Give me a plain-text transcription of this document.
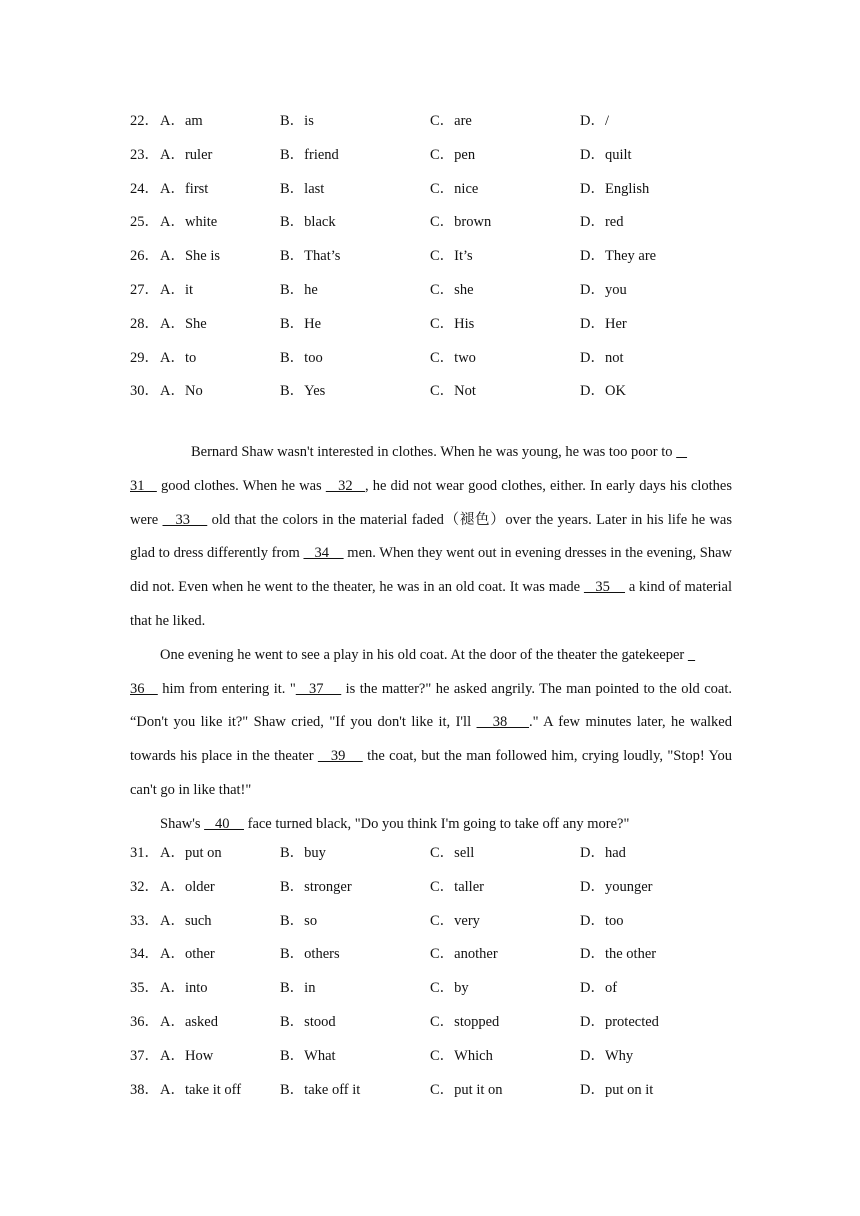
22． A．am	B．is	C．are	D．/
23． A．ruler	B．friend	C．pen	D．quilt
24． A．first	B．last	C．nice	D．English
25． A．white	B．black	C．brown	D．red
26． A．She is	B．That’s	C．It’s	D．They are
27． A．it	B．he	C．she	D．you
28． A．She	B．He	C．His	D．Her
29． A．to	B．too	C．two	D．not
30． A．No	B．Yes	C．Not	D．OK

Bernard Shaw wasn't interested in clothes. When he was young, he was too poor to
31    good clothes. When he was    32   , he did not wear good clothes, either. In early days his clothes were    33     old that the colors in the material faded（褪色）over the years. Later in his life he was glad to dress differently from    34     men. When they went out in evening dresses in the evening, Shaw did not. Even when he went to the theater, he was in an old coat. It was made    35     a kind of material that he liked.

One evening he went to see a play in his old coat. At the door of the theater the gatekeeper
36    him from entering it. "   37     is the matter?" he asked angrily. The man pointed to the old coat. “Don't you like it?" Shaw cried, "If you don't like it, I'll    38    ." A few minutes later, he walked towards his place in the theater    39     the coat, but the man followed him, crying loudly, "Stop! You can't go in like that!"

Shaw's    40     face turned black, "Do you think I'm going to take off any more?"

31． A．put on	B．buy	C．sell	D．had
32． A．older	B．stronger	C．taller	D．younger
33． A．such	B．so	C．very	D．too
34． A．other	B．others	C．another	D．the other
35． A．into	B．in	C．by	D．of
36． A．asked	B．stood	C．stopped	D．protected
37． A．How	B．What	C．Which	D．Why
38． A．take it off	B．take off it	C．put it on	D．put on it
